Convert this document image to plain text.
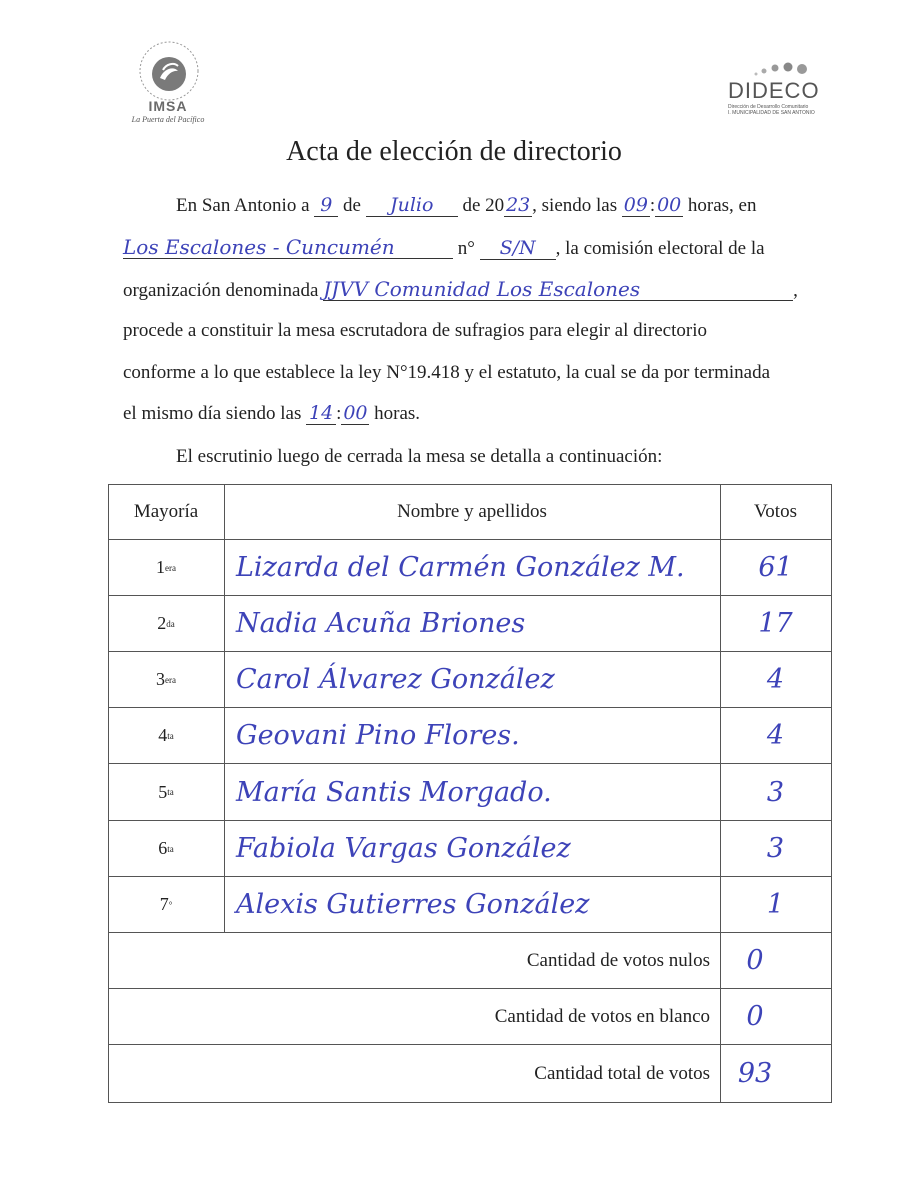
IMSA
La Puerta del Pacífico
DIDECO
Dirección de Desarrollo Comunitario
I. MUNICIPALIDAD DE SAN ANTONIO
Acta de elección de directorio
En San Antonio a 9 de Julio de 20 23 , siendo las 09 : 00 horas, en
Los Escalones - Cuncumén	n° S/N , la comisión electoral de la
organización denominada JJVV Comunidad Los Escalones	,
procede a constituir la mesa escrutadora de sufragios para elegir al directorio
conforme a lo que establece la ley N°19.418 y el estatuto, la cual se da por terminada
el mismo día siendo las 14 : 00 horas.
El escrutinio luego de cerrada la mesa se detalla a continuación:
Mayoría	Nombre y apellidos	Votos
1 era	Lizarda del Carmén González M.	61
2 da	Nadia Acuña Briones	17
3 era	Carol Álvarez González	4
4 ta	Geovani Pino Flores.	4
5 ta	María Santis Morgado.	3
6 ta	Fabiola Vargas González	3
7 °	Alexis Gutierres González	1
Cantidad de votos nulos	0
Cantidad de votos en blanco	0
Cantidad total de votos	93
